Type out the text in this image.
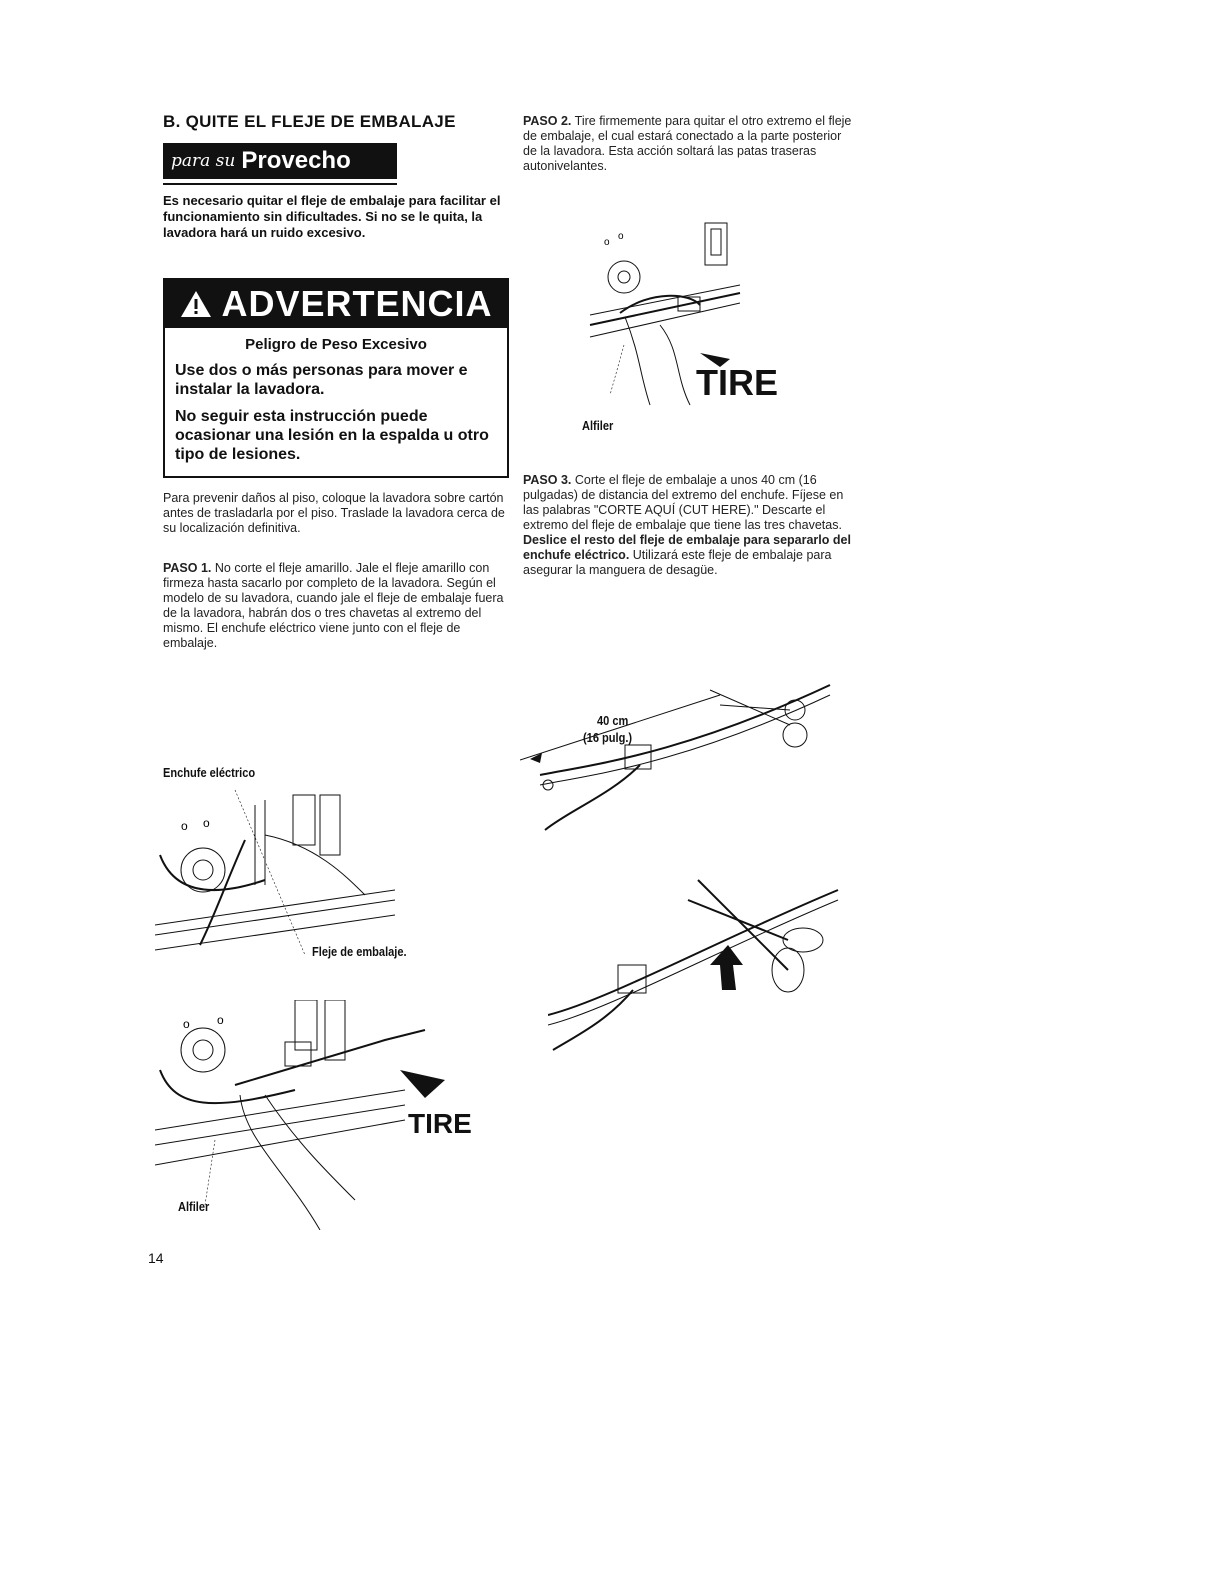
B. QUITE EL FLEJE DE EMBALAJE
para su Provecho
Es necesario quitar el fleje de embalaje para facilitar el funcionamiento sin dificultades. Si no se le quita, la lavadora hará un ruido excesivo.
ADVERTENCIA
Peligro de Peso Excesivo
Use dos o más personas para mover e instalar la lavadora.
No seguir esta instrucción puede ocasionar una lesión en la espalda u otro tipo de lesiones.
Para prevenir daños al piso, coloque la lavadora sobre cartón antes de trasladarla por el piso. Traslade la lavadora cerca de su localización definitiva.
PASO 1. No corte el fleje amarillo. Jale el fleje amarillo con firmeza hasta sacarlo por completo de la lavadora. Según el modelo de su lavadora, cuando jale el fleje de embalaje fuera de la lavadora, habrán dos o tres chavetas al extremo del mismo. El enchufe eléctrico viene junto con el fleje de embalaje.
PASO 2. Tire firmemente para quitar el otro extremo el fleje de embalaje, el cual estará conectado a la parte posterior de la lavadora. Esta acción soltará las patas traseras autonivelantes.
PASO 3. Corte el fleje de embalaje a unos 40 cm (16 pulgadas) de distancia del extremo del enchufe. Fíjese en las palabras "CORTE AQUÍ (CUT HERE)." Descarte el extremo del fleje de embalaje que tiene las tres chavetas. Deslice el resto del fleje de embalaje para separarlo del enchufe eléctrico. Utilizará este fleje de embalaje para asegurar la manguera de desagüe.
o
o
TIRE
Alfiler
Enchufe eléctrico
o o
Fleje de embalaje.
o o
TIRE
Alfiler
40 cm
(16 pulg.)
14
